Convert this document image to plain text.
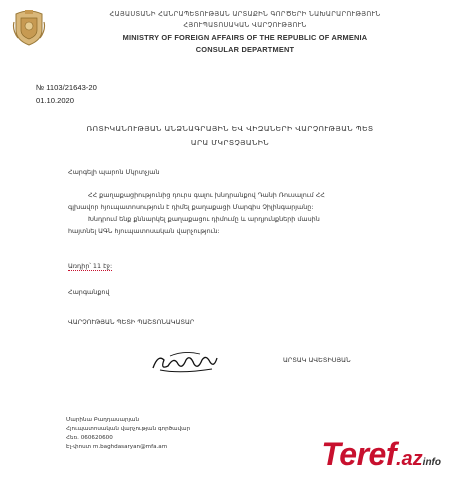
ՀԱՅԱՍՏԱՆԻ ՀԱՆՐԱՊԵՏՈՒԹՅԱՆ ԱՐՏԱՔԻՆ ԳՈՐԾԵՐԻ ՆԱԽԱՐԱՐՈՒԹՅՈՒՆ
ՀՅՈՒՊԱՏՈՍԱԿԱՆ ՎԱՐՉՈՒԹՅՈՒՆ
MINISTRY OF FOREIGN AFFAIRS OF THE REPUBLIC OF ARMENIA
CONSULAR DEPARTMENT
№ 1103/21643-20
01.10.2020
ՌՈՏԻԿԱՆՈՒԹՅԱՆ ԱՆՁՆԱԳՐԱՅԻՆ ԵՎ ՎԻԶԱՆԵՐԻ ՎԱՐՉՈՒԹՅԱՆ ՊԵՏ
ԱՐԱ ՄԿՐՏՉՅԱՆԻՆ
Հարգելի պարոն Մկրտչյան
ՀՀ քաղաքացիությունից դուրս գալու խնդրանքով Դանի Ռուսալում ՀՀ
գլխավոր հյուպատոսություն է դիմել քաղաքացի Մարգիս Չիլինգարյանը:
Խնդրում ենք քննարկել քաղաքացու դիմումը և արդյունքների մասին
հայտնել ԱԳՆ հյուպատոսական վարչություն:
Առդիր՝ 11 էջ:
Հարգանքով
ՎԱՐՉՈՒԹՅԱՆ ՊԵՏԻ ՊԱՇՏՈՆԱԿԱՏԱՐ
ԱՐՏԱԿ ԱՎԵՏԻՍՅԱՆ
Մարինա Բաղդասարյան
Հյուպատոսական վարչության գործավար
Հեռ. 060620600
Էլ-փոստ m.baghdasaryan@mfa.am	Teref.azinfo
